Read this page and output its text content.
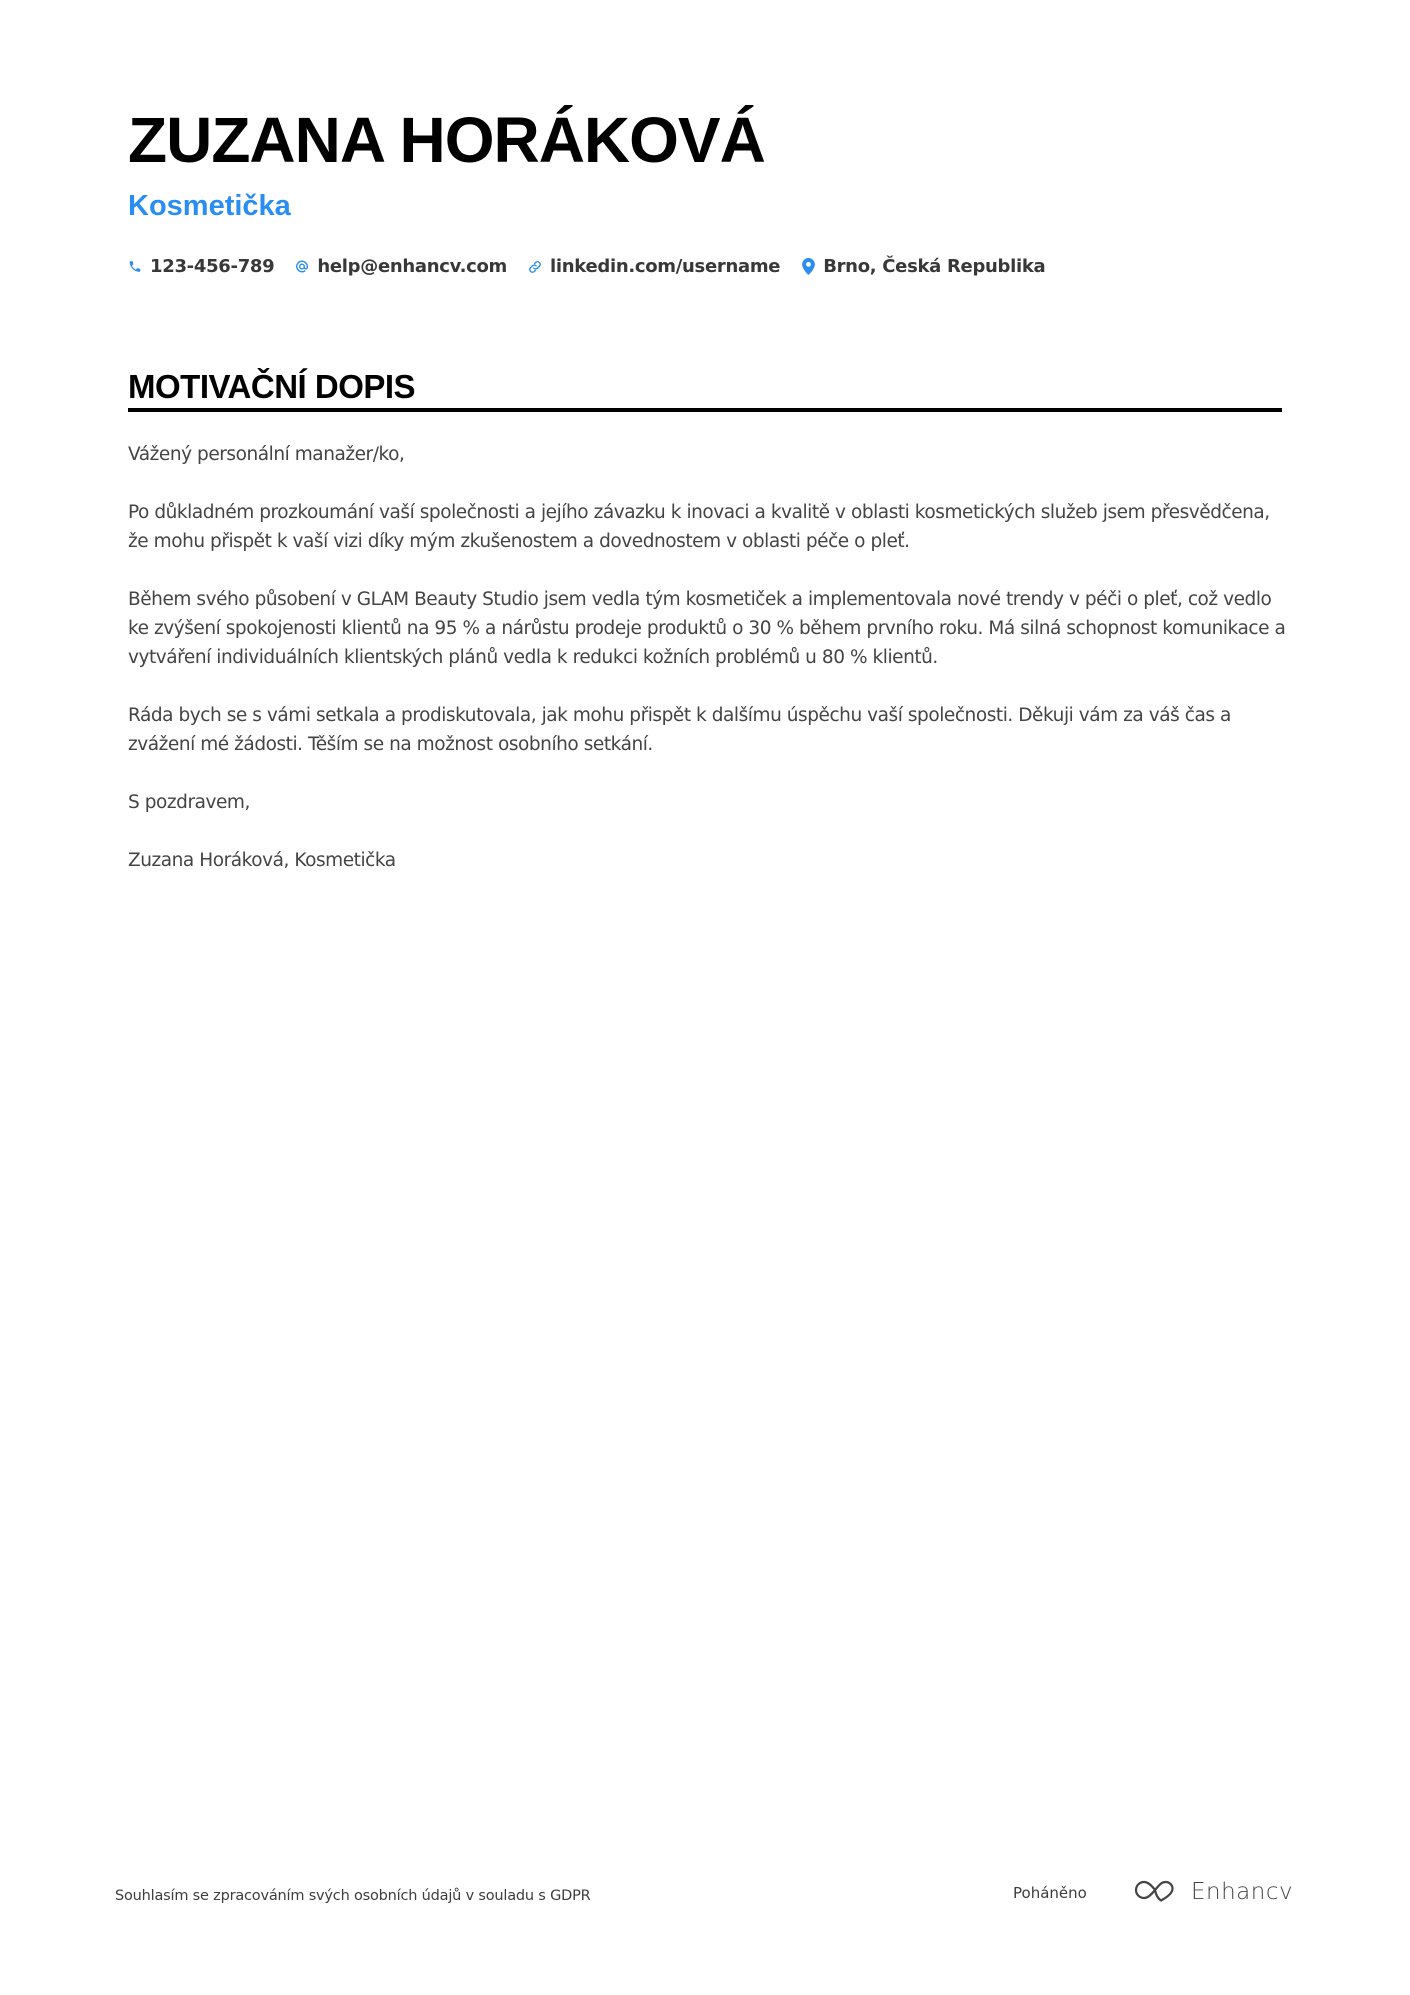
ZUZANA HORÁKOVÁ
Kosmetička
123-456-789 help@enhancv.com linkedin.com/username Brno, Česká Republika
MOTIVAČNÍ DOPIS

Vážený personální manažer/ko,

Po důkladném prozkoumání vaší společnosti a jejího závazku k inovaci a kvalitě v oblasti kosmetických služeb jsem přesvědčena, že mohu přispět k vaší vizi díky mým zkušenostem a dovednostem v oblasti péče o pleť.

Během svého působení v GLAM Beauty Studio jsem vedla tým kosmetiček a implementovala nové trendy v péči o pleť, což vedlo ke zvýšení spokojenosti klientů na 95 % a nárůstu prodeje produktů o 30 % během prvního roku. Má silná schopnost komunikace a vytváření individuálních klientských plánů vedla k redukci kožních problémů u 80 % klientů.

Ráda bych se s vámi setkala a prodiskutovala, jak mohu přispět k dalšímu úspěchu vaší společnosti. Děkuji vám za váš čas a zvážení mé žádosti. Těším se na možnost osobního setkání.

S pozdravem,

Zuzana Horáková, Kosmetička

Souhlasím se zpracováním svých osobních údajů v souladu s GDPR	Poháněno	Enhancv
